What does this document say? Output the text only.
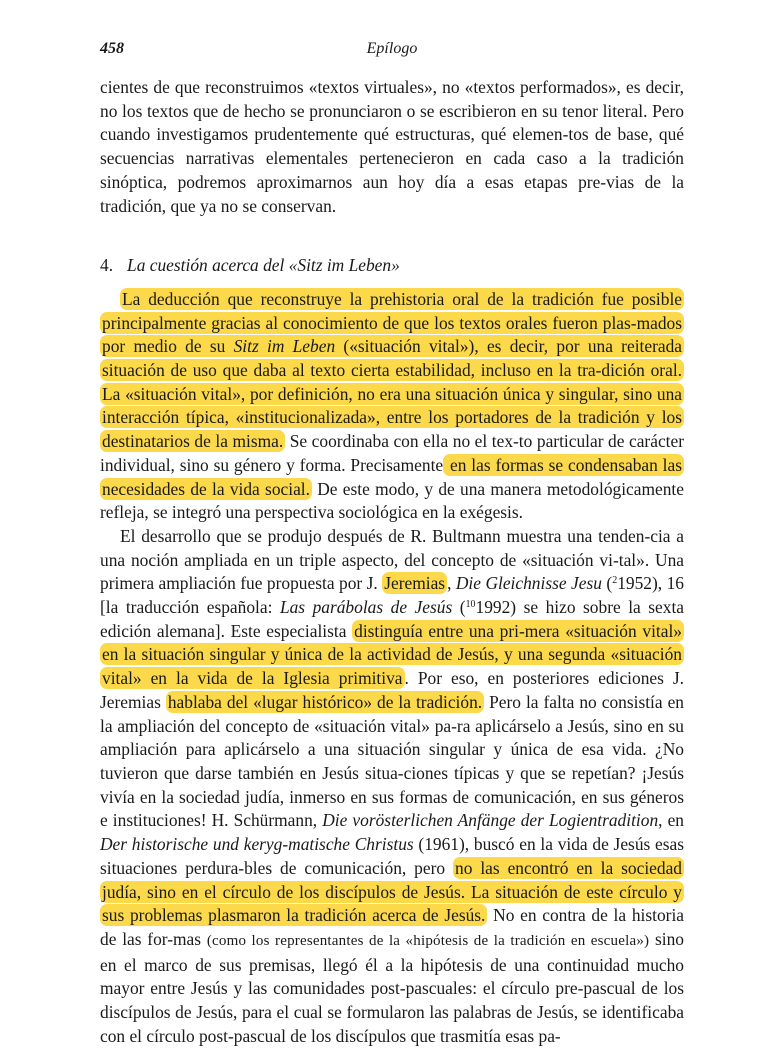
458	Epílogo

cientes de que reconstruimos «textos virtuales», no «textos performados», es decir, no los textos que de hecho se pronunciaron o se escribieron en su tenor literal. Pero cuando investigamos prudentemente qué estructuras, qué elemen-tos de base, qué secuencias narrativas elementales pertenecieron en cada caso a la tradición sinóptica, podremos aproximarnos aun hoy día a esas etapas pre-vias de la tradición, que ya no se conservan.

4. La cuestión acerca del «Sitz im Leben»

La deducción que reconstruye la prehistoria oral de la tradición fue posible principalmente gracias al conocimiento de que los textos orales fueron plas-mados por medio de su Sitz im Leben («situación vital»), es decir, por una reiterada situación de uso que daba al texto cierta estabilidad, incluso en la tra-dición oral. La «situación vital», por definición, no era una situación única y singular, sino una interacción típica, «institucionalizada», entre los portadores de la tradición y los destinatarios de la misma. Se coordinaba con ella no el tex-to particular de carácter individual, sino su género y forma. Precisamente en las formas se condensaban las necesidades de la vida social. De este modo, y de una manera metodológicamente refleja, se integró una perspectiva sociológica en la exégesis.

El desarrollo que se produjo después de R. Bultmann muestra una tenden-cia a una noción ampliada en un triple aspecto, del concepto de «situación vi-tal». Una primera ampliación fue propuesta por J. Jeremias , Die Gleichnisse Jesu ($^2$1952), 16 [la traducción española: Las parábolas de Jesús ($^{10}$1992) se hizo sobre la sexta edición alemana]. Este especialista distinguía entre una pri-mera «situación vital» en la situación singular y única de la actividad de Jesús, y una segunda «situación vital» en la vida de la Iglesia primitiva . Por eso, en posteriores ediciones J. Jeremias hablaba del «lugar histórico» de la tradición. Pero la falta no consistía en la ampliación del concepto de «situación vital» pa-ra aplicárselo a Jesús, sino en su ampliación para aplicárselo a una situación singular y única de esa vida. ¿No tuvieron que darse también en Jesús situa-ciones típicas y que se repetían? ¡Jesús vivía en la sociedad judía, inmerso en sus formas de comunicación, en sus géneros e instituciones! H. Schürmann, Die vorösterlichen Anfänge der Logientradition, en Der historische und keryg-matische Christus (1961), buscó en la vida de Jesús esas situaciones perdura-bles de comunicación, pero no las encontró en la sociedad judía, sino en el círculo de los discípulos de Jesús. La situación de este círculo y sus problemas plasmaron la tradición acerca de Jesús. No en contra de la historia de las for-mas (como los representantes de la «hipótesis de la tradición en escuela») sino en el marco de sus premisas, llegó él a la hipótesis de una continuidad mucho mayor entre Jesús y las comunidades post-pascuales: el círculo pre-pascual de los discípulos de Jesús, para el cual se formularon las palabras de Jesús, se identificaba con el círculo post-pascual de los discípulos que trasmitía esas pa-
